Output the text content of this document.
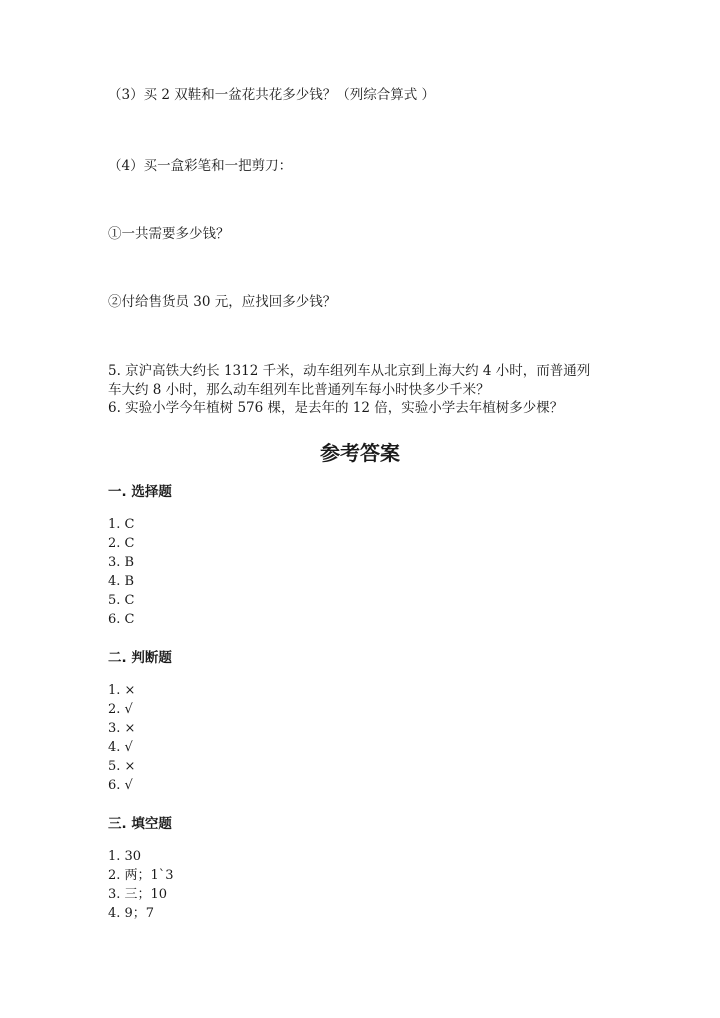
（3）买 2 双鞋和一盆花共花多少钱？（列综合算式 ）
（4）买一盒彩笔和一把剪刀：
①一共需要多少钱？
②付给售货员 30 元，应找回多少钱？
5. 京沪高铁大约长 1312 千米，动车组列车从北京到上海大约 4 小时，而普通列
车大约 8 小时，那么动车组列车比普通列车每小时快多少千米？
6. 实验小学今年植树 576 棵，是去年的 12 倍，实验小学去年植树多少棵？
参考答案
一. 选择题
1. C
2. C
3. B
4. B
5. C
6. C
二. 判断题
1. ×
2. √
3. ×
4. √
5. ×
6. √
三. 填空题
1. 30
2. 两；1`3
3. 三；10
4. 9；7
